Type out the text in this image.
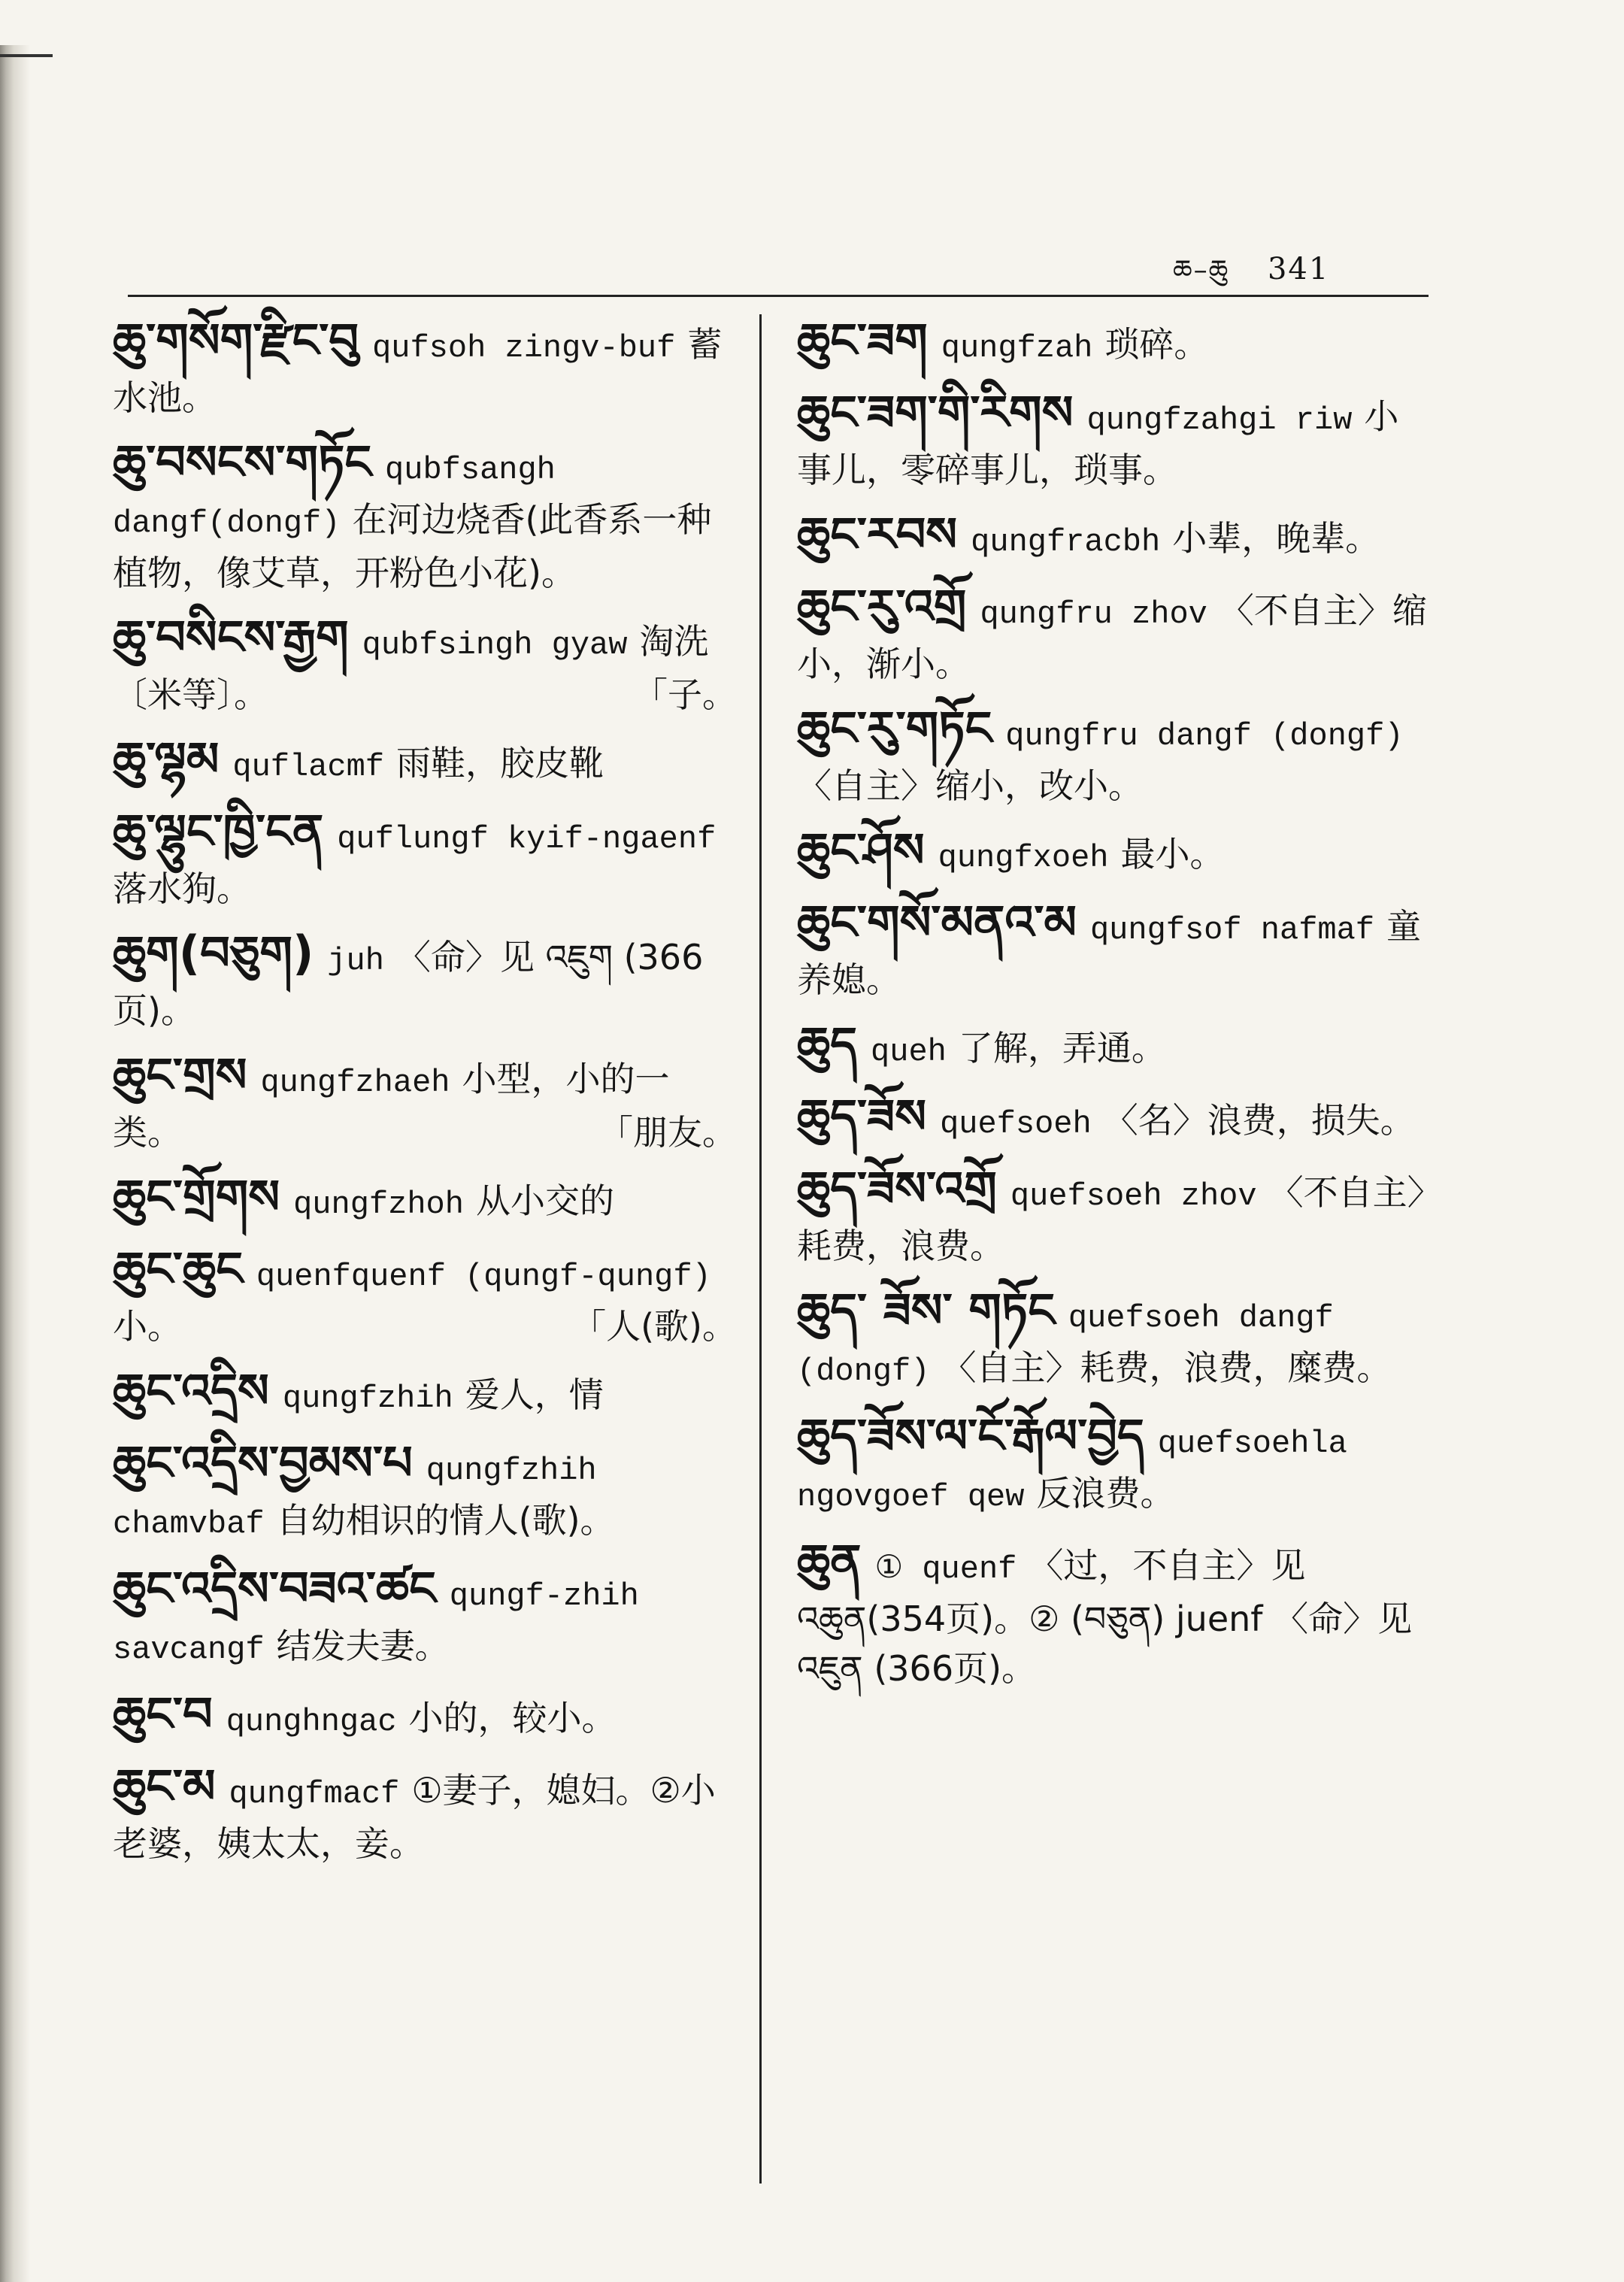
ཆ–ཆུ 341
ཆུ་གསོག་རྫིང་བུ qufsoh zingv-buf 蓄水池。
ཆུ་བསངས་གཏོང qubfsangh dangf(dongf) 在河边烧香(此香系一种植物，像艾草，开粉色小花)。
ཆུ་བསིངས་རྒྱག qubfsingh gyaw 淘洗〔米等〕。	「子。
ཆུ་ལྷམ quflacmf 雨鞋，胶皮靴
ཆུ་ལྷུང་ཁྱི་ངན quflungf kyif-ngaenf落水狗。
ཆུག(བཅུག) juh 〈命〉见 འཇུག (366页)。
ཆུང་གྲས qungfzhaeh 小型，小的一类。	「朋友。
ཆུང་གྲོགས qungfzhoh 从小交的
ཆུང་ཆུང quenfquenf (qungf-qungf)小。	「人(歌)。
ཆུང་འདྲིས qungfzhih 爱人，情
ཆུང་འདྲིས་བྱམས་པ qungfzhih chamvbaf 自幼相识的情人(歌)。
ཆུང་འདྲིས་བཟའ་ཚང qungf-zhih savcangf 结发夫妻。
ཆུང་བ qunghngac 小的，较小。
ཆུང་མ qungfmacf ①妻子，媳妇。②小老婆，姨太太，妾。
ཆུང་ཟག qungfzah 琐碎。
ཆུང་ཟག་གི་རིགས qungfzahgi riw 小事儿，零碎事儿，琐事。
ཆུང་རབས qungfracbh 小辈，晚辈。
ཆུང་རུ་འགྲོ qungfru zhov 〈不自主〉缩小，渐小。
ཆུང་རུ་གཏོང qungfru dangf (dongf)〈自主〉缩小，改小。
ཆུང་ཤོས qungfxoeh 最小。
ཆུང་གསོ་མནའ་མ qungfsof nafmaf 童养媳。
ཆུད queh 了解，弄通。
ཆུད་ཟོས quefsoeh 〈名〉浪费，损失。
ཆུད་ཟོས་འགྲོ quefsoeh zhov 〈不自主〉耗费，浪费。
ཆུད་ ཟོས་ གཏོང quefsoeh dangf (dongf) 〈自主〉耗费，浪费，糜费。
ཆུད་ཟོས་ལ་ངོ་རྒོལ་བྱེད quefsoehla ngovgoef qew 反浪费。
ཆུན ① quenf 〈过，不自主〉见 འཆུན(354页)。② (བཅུན) juenf 〈命〉见 འཇུན (366页)。
